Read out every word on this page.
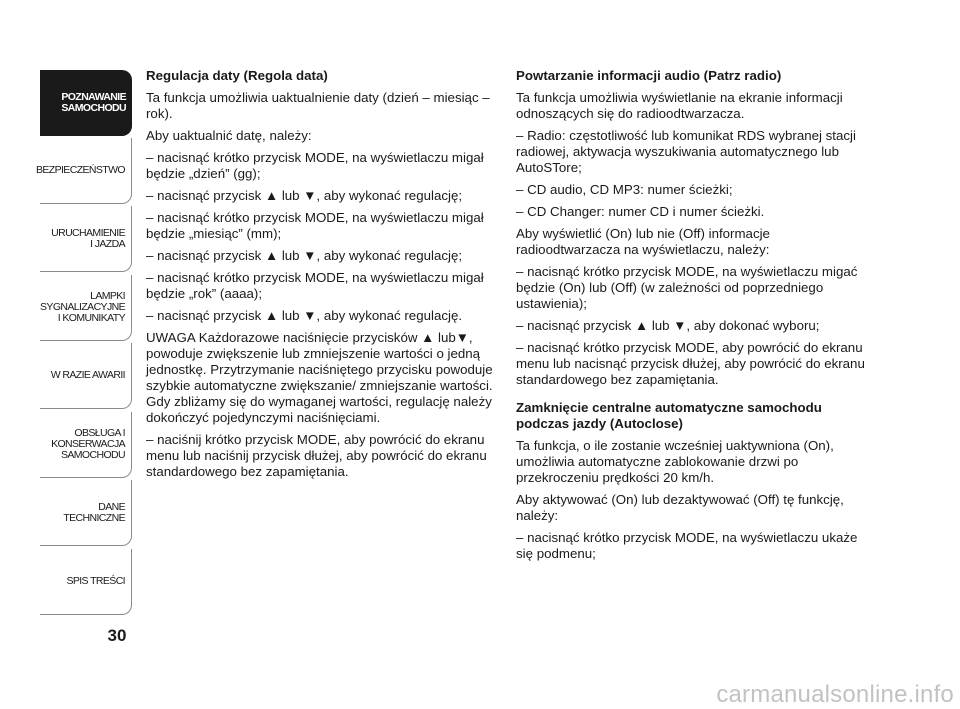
POZNAWANIE
SAMOCHODU
BEZPIECZEŃSTWO
URUCHAMIENIE
I JAZDA
LAMPKI
SYGNALIZACYJNE
I KOMUNIKATY
W RAZIE AWARII
OBSŁUGA I
KONSERWACJA
SAMOCHODU
DANE TECHNICZNE
SPIS TREŚCI
30
Regulacja daty (Regola data)

Ta funkcja umożliwia uaktualnienie daty (dzień – miesiąc – rok).

Aby uaktualnić datę, należy:

– nacisnąć krótko przycisk MODE, na wyświetlaczu migał będzie „dzień” (gg);

– nacisnąć przycisk ▲ lub ▼, aby wykonać regulację;

– nacisnąć krótko przycisk MODE, na wyświetlaczu migał będzie „miesiąc” (mm);

– nacisnąć przycisk ▲ lub ▼, aby wykonać regulację;

– nacisnąć krótko przycisk MODE, na wyświetlaczu migał będzie „rok” (aaaa);

– nacisnąć przycisk ▲ lub ▼, aby wykonać regulację.

UWAGA Każdorazowe naciśnięcie przycisków ▲ lub▼, powoduje zwiększenie lub zmniejszenie wartości o jedną jednostkę. Przytrzymanie naciśniętego przycisku powoduje szybkie automatyczne zwiększanie/ zmniejszanie wartości. Gdy zbliżamy się do wymaganej wartości, regulację należy dokończyć pojedynczymi naciśnięciami.

– naciśnij krótko przycisk MODE, aby powrócić do ekranu menu lub naciśnij przycisk dłużej, aby powrócić do ekranu standardowego bez zapamiętania.

Powtarzanie informacji audio (Patrz radio)

Ta funkcja umożliwia wyświetlanie na ekranie informacji odnoszących się do radioodtwarzacza.

– Radio: częstotliwość lub komunikat RDS wybranej stacji radiowej, aktywacja wyszukiwania automatycznego lub AutoSTore;

– CD audio, CD MP3: numer ścieżki;

– CD Changer: numer CD i numer ścieżki.

Aby wyświetlić (On) lub nie (Off) informacje radioodtwarzacza na wyświetlaczu, należy:

– nacisnąć krótko przycisk MODE, na wyświetlaczu migać będzie (On) lub (Off) (w zależności od poprzedniego ustawienia);

– nacisnąć przycisk ▲ lub ▼, aby dokonać wyboru;

– nacisnąć krótko przycisk MODE, aby powrócić do ekranu menu lub nacisnąć przycisk dłużej, aby powrócić do ekranu standardowego bez zapamiętania.

Zamknięcie centralne automatyczne samochodu podczas jazdy (Autoclose)

Ta funkcja, o ile zostanie wcześniej uaktywniona (On), umożliwia automatyczne zablokowanie drzwi po przekroczeniu prędkości 20 km/h.

Aby aktywować (On) lub dezaktywować (Off) tę funkcję, należy:

– nacisnąć krótko przycisk MODE, na wyświetlaczu ukaże się podmenu;

carmanualsonline.info
